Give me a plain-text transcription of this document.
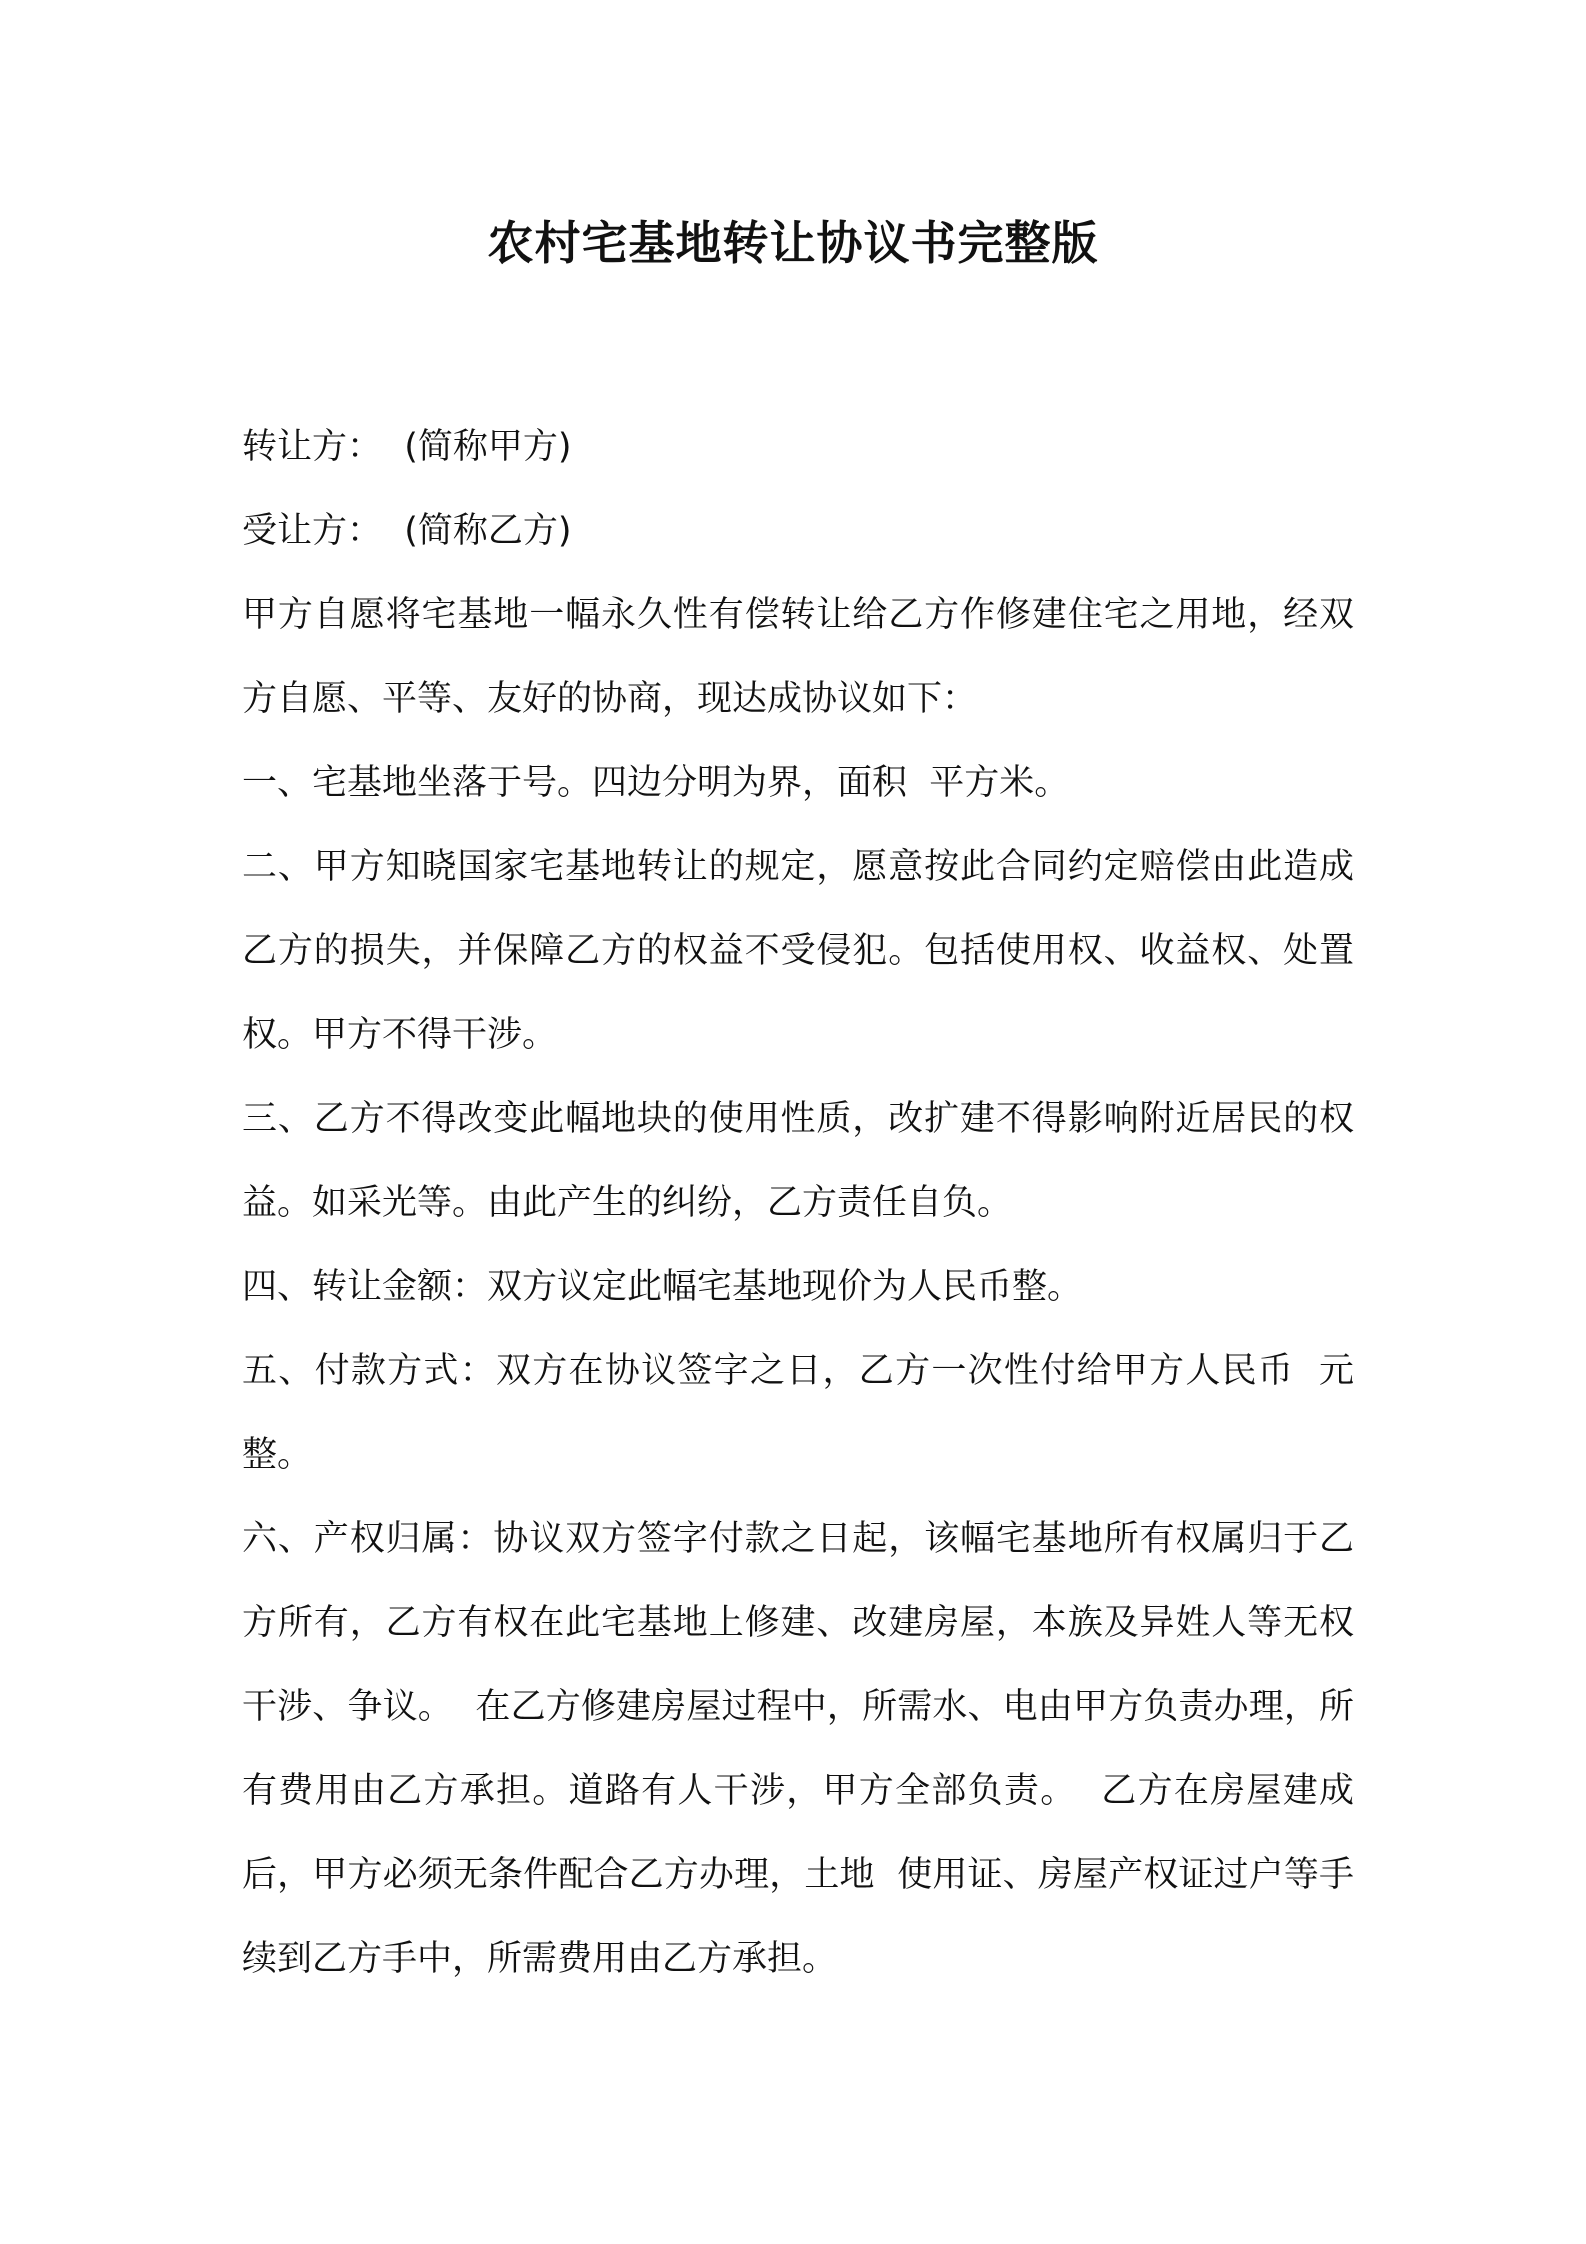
农村宅基地转让协议书完整版

转让方：  (简称甲方)

受让方：  (简称乙方)

甲方自愿将宅基地一幅永久性有偿转让给乙方作修建住宅之用地，经双方自愿、平等、友好的协商，现达成协议如下：

一、宅基地坐落于号。四边分明为界，面积  平方米。

二、甲方知晓国家宅基地转让的规定，愿意按此合同约定赔偿由此造成乙方的损失，并保障乙方的权益不受侵犯。包括使用权、收益权、处置权。甲方不得干涉。

三、乙方不得改变此幅地块的使用性质，改扩建不得影响附近居民的权益。如采光等。由此产生的纠纷，乙方责任自负。

四、转让金额：双方议定此幅宅基地现价为人民币整。

五、付款方式：双方在协议签字之日，乙方一次性付给甲方人民币  元整。

六、产权归属：协议双方签字付款之日起，该幅宅基地所有权属归于乙方所有，乙方有权在此宅基地上修建、改建房屋，本族及异姓人等无权干涉、争议。  在乙方修建房屋过程中，所需水、电由甲方负责办理，所有费用由乙方承担。道路有人干涉，甲方全部负责。  乙方在房屋建成后，甲方必须无条件配合乙方办理，土地  使用证、房屋产权证过户等手续到乙方手中，所需费用由乙方承担。
